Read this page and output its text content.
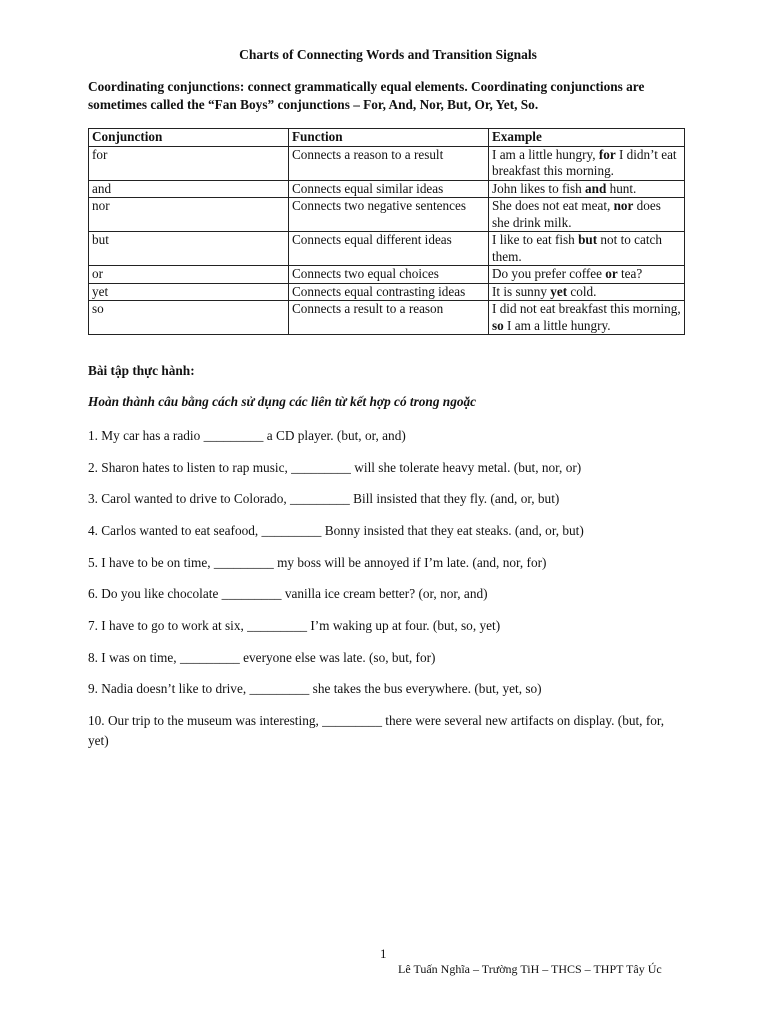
Charts of Connecting Words and Transition Signals
Coordinating conjunctions: connect grammatically equal elements. Coordinating conjunctions are sometimes called the “Fan Boys” conjunctions – For, And, Nor, But, Or, Yet, So.
Conjunction	Function	Example
for	Connects a reason to a result	I am a little hungry, for I didn’t eat breakfast this morning.
and	Connects equal similar ideas	John likes to fish and hunt.
nor	Connects two negative sentences	She does not eat meat, nor does she drink milk.
but	Connects equal different ideas	I like to eat fish but not to catch them.
or	Connects two equal choices	Do you prefer coffee or tea?
yet	Connects equal contrasting ideas	It is sunny yet cold.
so	Connects a result to a reason	I did not eat breakfast this morning, so I am a little hungry.
Bài tập thực hành:
Hoàn thành câu bằng cách sử dụng các liên từ kết hợp có trong ngoặc
1. My car has a radio _________ a CD player. (but, or, and)
2. Sharon hates to listen to rap music, _________ will she tolerate heavy metal. (but, nor, or)
3. Carol wanted to drive to Colorado, _________ Bill insisted that they fly. (and, or, but)
4. Carlos wanted to eat seafood, _________ Bonny insisted that they eat steaks. (and, or, but)
5. I have to be on time, _________ my boss will be annoyed if I’m late. (and, nor, for)
6. Do you like chocolate _________ vanilla ice cream better? (or, nor, and)
7. I have to go to work at six, _________ I’m waking up at four. (but, so, yet)
8. I was on time, _________ everyone else was late. (so, but, for)
9. Nadia doesn’t like to drive, _________ she takes the bus everywhere. (but, yet, so)
10. Our trip to the museum was interesting, _________ there were several new artifacts on display. (but, for, yet)
1
Lê Tuấn Nghĩa – Trường TiH – THCS – THPT Tây Úc
